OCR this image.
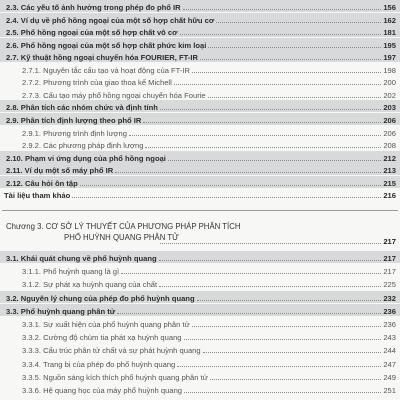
2.3. Các yếu tố ảnh hưởng trong phép đo phổ IR	156
2.4. Ví dụ về phổ hồng ngoại của một số hợp chất hữu cơ	162
2.5. Phổ hồng ngoại của một số hợp chất vô cơ	181
2.6. Phổ hồng ngoại của một số hợp chất phức kim loại	195
2.7. Kỹ thuật hồng ngoại chuyển hóa FOURIER, FT-IR	197
2.7.1. Nguyên tắc cấu tạo và hoạt động của FT-IR	198
2.7.2. Phương trình của giao thoa kế Michell	200
2.7.3. Cấu tạo máy phổ hồng ngoại chuyển hóa Fourie	202
2.8. Phân tích các nhóm chức và định tính	203
2.9. Phân tích định lượng theo phổ IR	206
2.9.1. Phương trình định lượng	206
2.9.2. Các phương pháp định lượng	208
2.10. Phạm vi ứng dụng của phổ hồng ngoại	212
2.11. Ví dụ một số máy phổ IR	213
2.12. Câu hỏi ôn tập	215
Tài liệu tham khảo	216
Chương 3. CƠ SỞ LÝ THUYẾT CỦA PHƯƠNG PHÁP PHÂN TÍCH
PHỔ HUỲNH QUANG PHÂN TỬ	217
3.1. Khái quát chung về phổ huỳnh quang	217
3.1.1. Phổ huỳnh quang là gì	217
3.1.2. Sự phát xạ huỳnh quang của chất	225
3.2. Nguyên lý chung của phép đo phổ huỳnh quang	232
3.3. Phổ huỳnh quang phân tử	236
3.3.1. Sự xuất hiện của phổ huỳnh quang phân tử	236
3.3.2. Cường độ chùm tia phát xạ huỳnh quang	243
3.3.3. Cấu trúc phân tử chất và sự phát huỳnh quang	244
3.3.4. Trang bị của phép đo phổ huỳnh quang	247
3.3.5. Nguồn sáng kích thích phổ huỳnh quang phân tử	249
3.3.6. Hệ quang học của máy phổ huỳnh quang	251
